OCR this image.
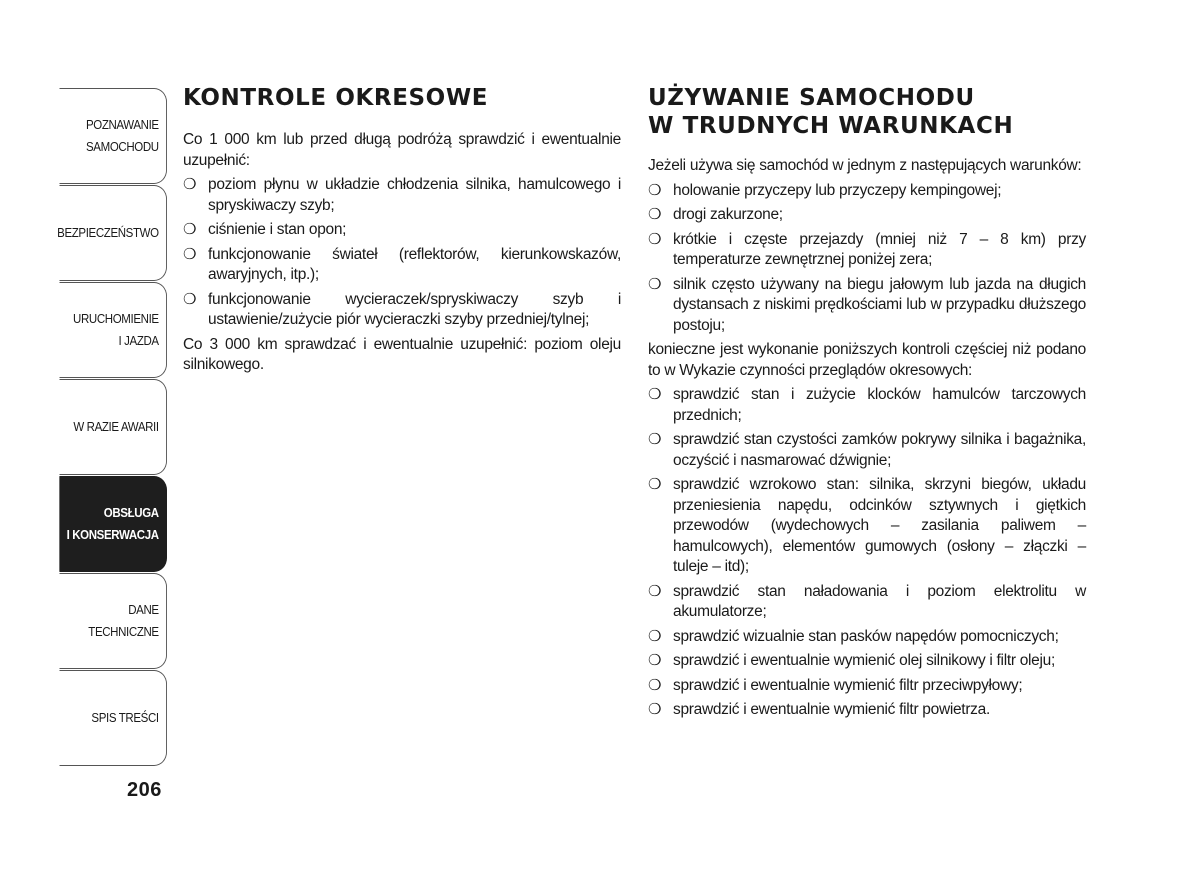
POZNAWANIE
SAMOCHODU
BEZPIECZEŃSTWO
URUCHOMIENIE
I JAZDA
W RAZIE AWARII
OBSŁUGA
I KONSERWACJA
DANE
TECHNICZNE
SPIS TREŚCI
206
KONTROLE OKRESOWE

Co 1 000 km lub przed długą podróżą sprawdzić i ewentualnie uzupełnić:

❍ poziom płynu w układzie chłodzenia silnika, hamulcowego i spryskiwaczy szyb;
❍ ciśnienie i stan opon;
❍ funkcjonowanie świateł (reflektorów, kierunkowskazów, awaryjnych, itp.);
❍ funkcjonowanie wycieraczek/spryskiwaczy szyb i ustawienie/zużycie piór wycieraczki szyby przedniej/tylnej;

Co 3 000 km sprawdzać i ewentualnie uzupełnić: poziom oleju silnikowego.

UŻYWANIE SAMOCHODU
W TRUDNYCH WARUNKACH

Jeżeli używa się samochód w jednym z następujących warunków:

❍ holowanie przyczepy lub przyczepy kempingowej;
❍ drogi zakurzone;
❍ krótkie i częste przejazdy (mniej niż 7 – 8 km) przy temperaturze zewnętrznej poniżej zera;
❍ silnik często używany na biegu jałowym lub jazda na długich dystansach z niskimi prędkościami lub w przypadku dłuższego postoju;

konieczne jest wykonanie poniższych kontroli częściej niż podano to w Wykazie czynności przeglądów okresowych:

❍ sprawdzić stan i zużycie klocków hamulców tarczowych przednich;
❍ sprawdzić stan czystości zamków pokrywy silnika i bagażnika, oczyścić i nasmarować dźwignie;
❍ sprawdzić wzrokowo stan: silnika, skrzyni biegów, układu przeniesienia napędu, odcinków sztywnych i giętkich przewodów (wydechowych – zasilania paliwem – hamulcowych), elementów gumowych (osłony – złączki – tuleje – itd);
❍ sprawdzić stan naładowania i poziom elektrolitu w akumulatorze;
❍ sprawdzić wizualnie stan pasków napędów pomocniczych;
❍ sprawdzić i ewentualnie wymienić olej silnikowy i filtr oleju;
❍ sprawdzić i ewentualnie wymienić filtr przeciwpyłowy;
❍ sprawdzić i ewentualnie wymienić filtr powietrza.
